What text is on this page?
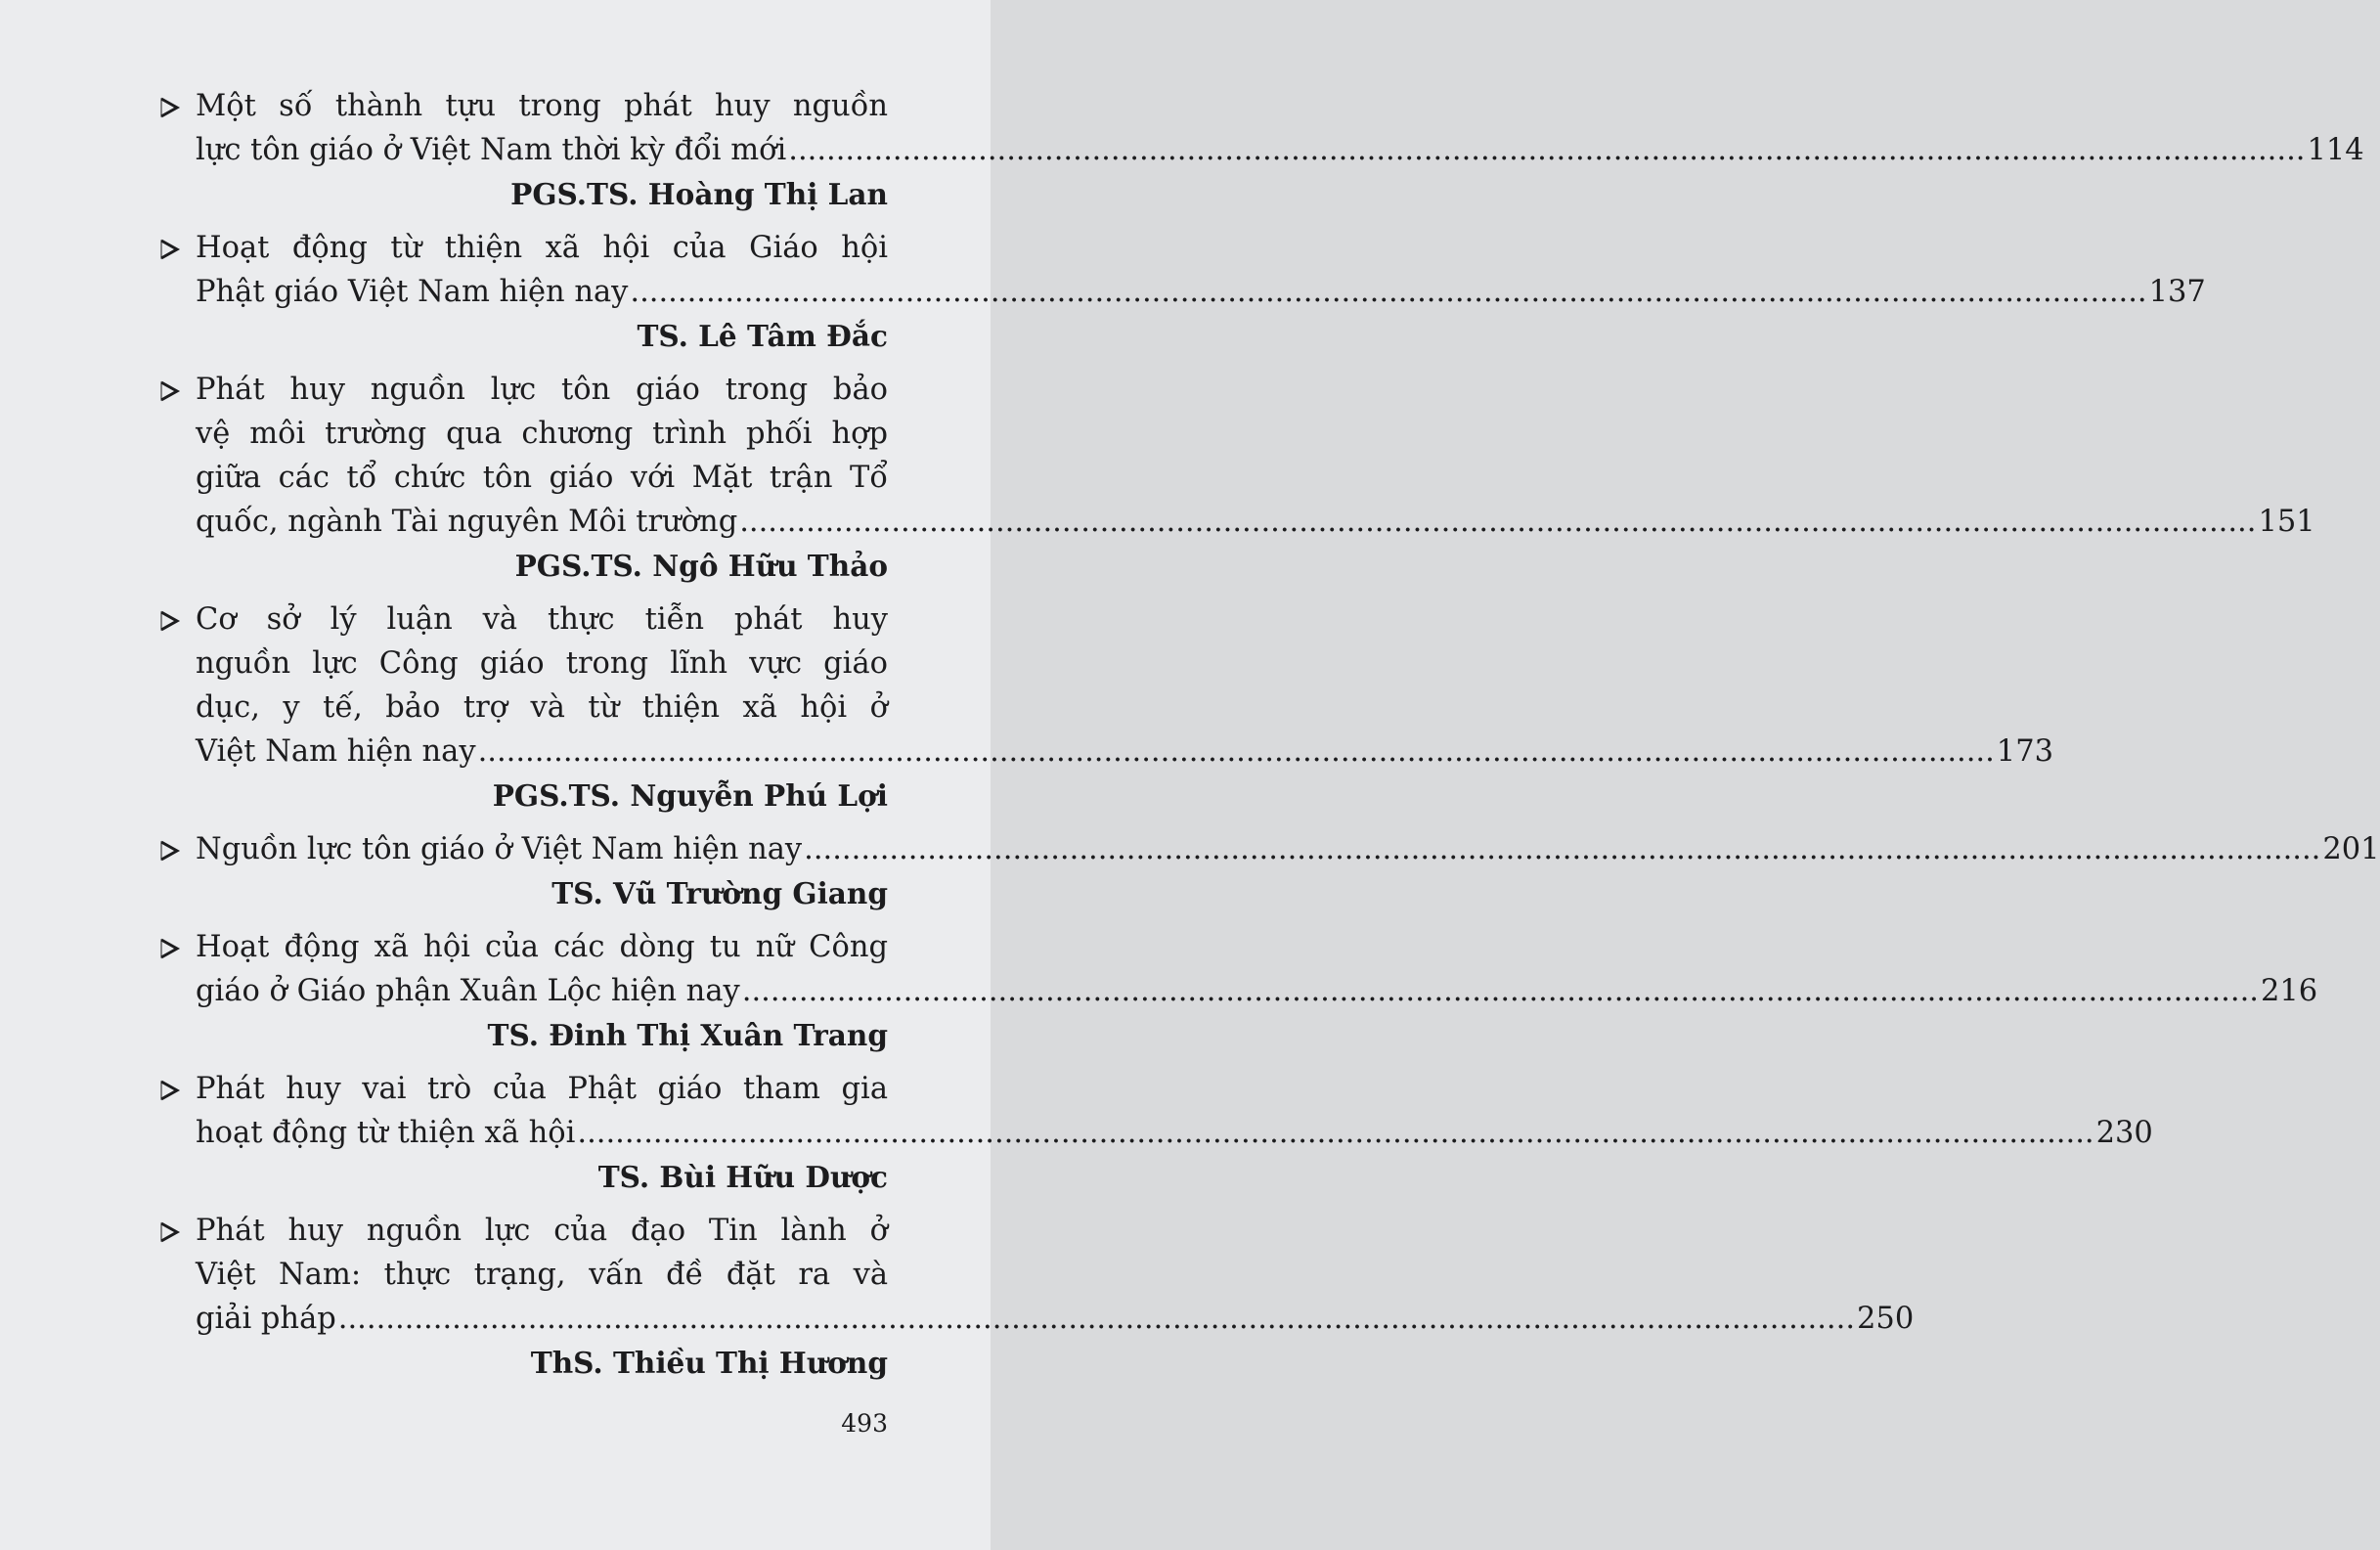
Một số thành tựu trong phát huy nguồn
lực tôn giáo ở Việt Nam thời kỳ đổi mới ................................................................................................................................................................ 114
PGS.TS. Hoàng Thị Lan
Hoạt động từ thiện xã hội của Giáo hội
Phật giáo Việt Nam hiện nay ................................................................................................................................................................ 137
TS. Lê Tâm Đắc
Phát huy nguồn lực tôn giáo trong bảo
vệ môi trường qua chương trình phối hợp
giữa các tổ chức tôn giáo với Mặt trận Tổ
quốc, ngành Tài nguyên Môi trường ................................................................................................................................................................ 151
PGS.TS. Ngô Hữu Thảo
Cơ sở lý luận và thực tiễn phát huy
nguồn lực Công giáo trong lĩnh vực giáo
dục, y tế, bảo trợ và từ thiện xã hội ở
Việt Nam hiện nay ................................................................................................................................................................ 173
PGS.TS. Nguyễn Phú Lợi
Nguồn lực tôn giáo ở Việt Nam hiện nay ................................................................................................................................................................ 201
TS. Vũ Trường Giang
Hoạt động xã hội của các dòng tu nữ Công
giáo ở Giáo phận Xuân Lộc hiện nay ................................................................................................................................................................ 216
TS. Đinh Thị Xuân Trang
Phát huy vai trò của Phật giáo tham gia
hoạt động từ thiện xã hội ................................................................................................................................................................ 230
TS. Bùi Hữu Dược
Phát huy nguồn lực của đạo Tin lành ở
Việt Nam: thực trạng, vấn đề đặt ra và
giải pháp ................................................................................................................................................................ 250
ThS. Thiều Thị Hương
493
